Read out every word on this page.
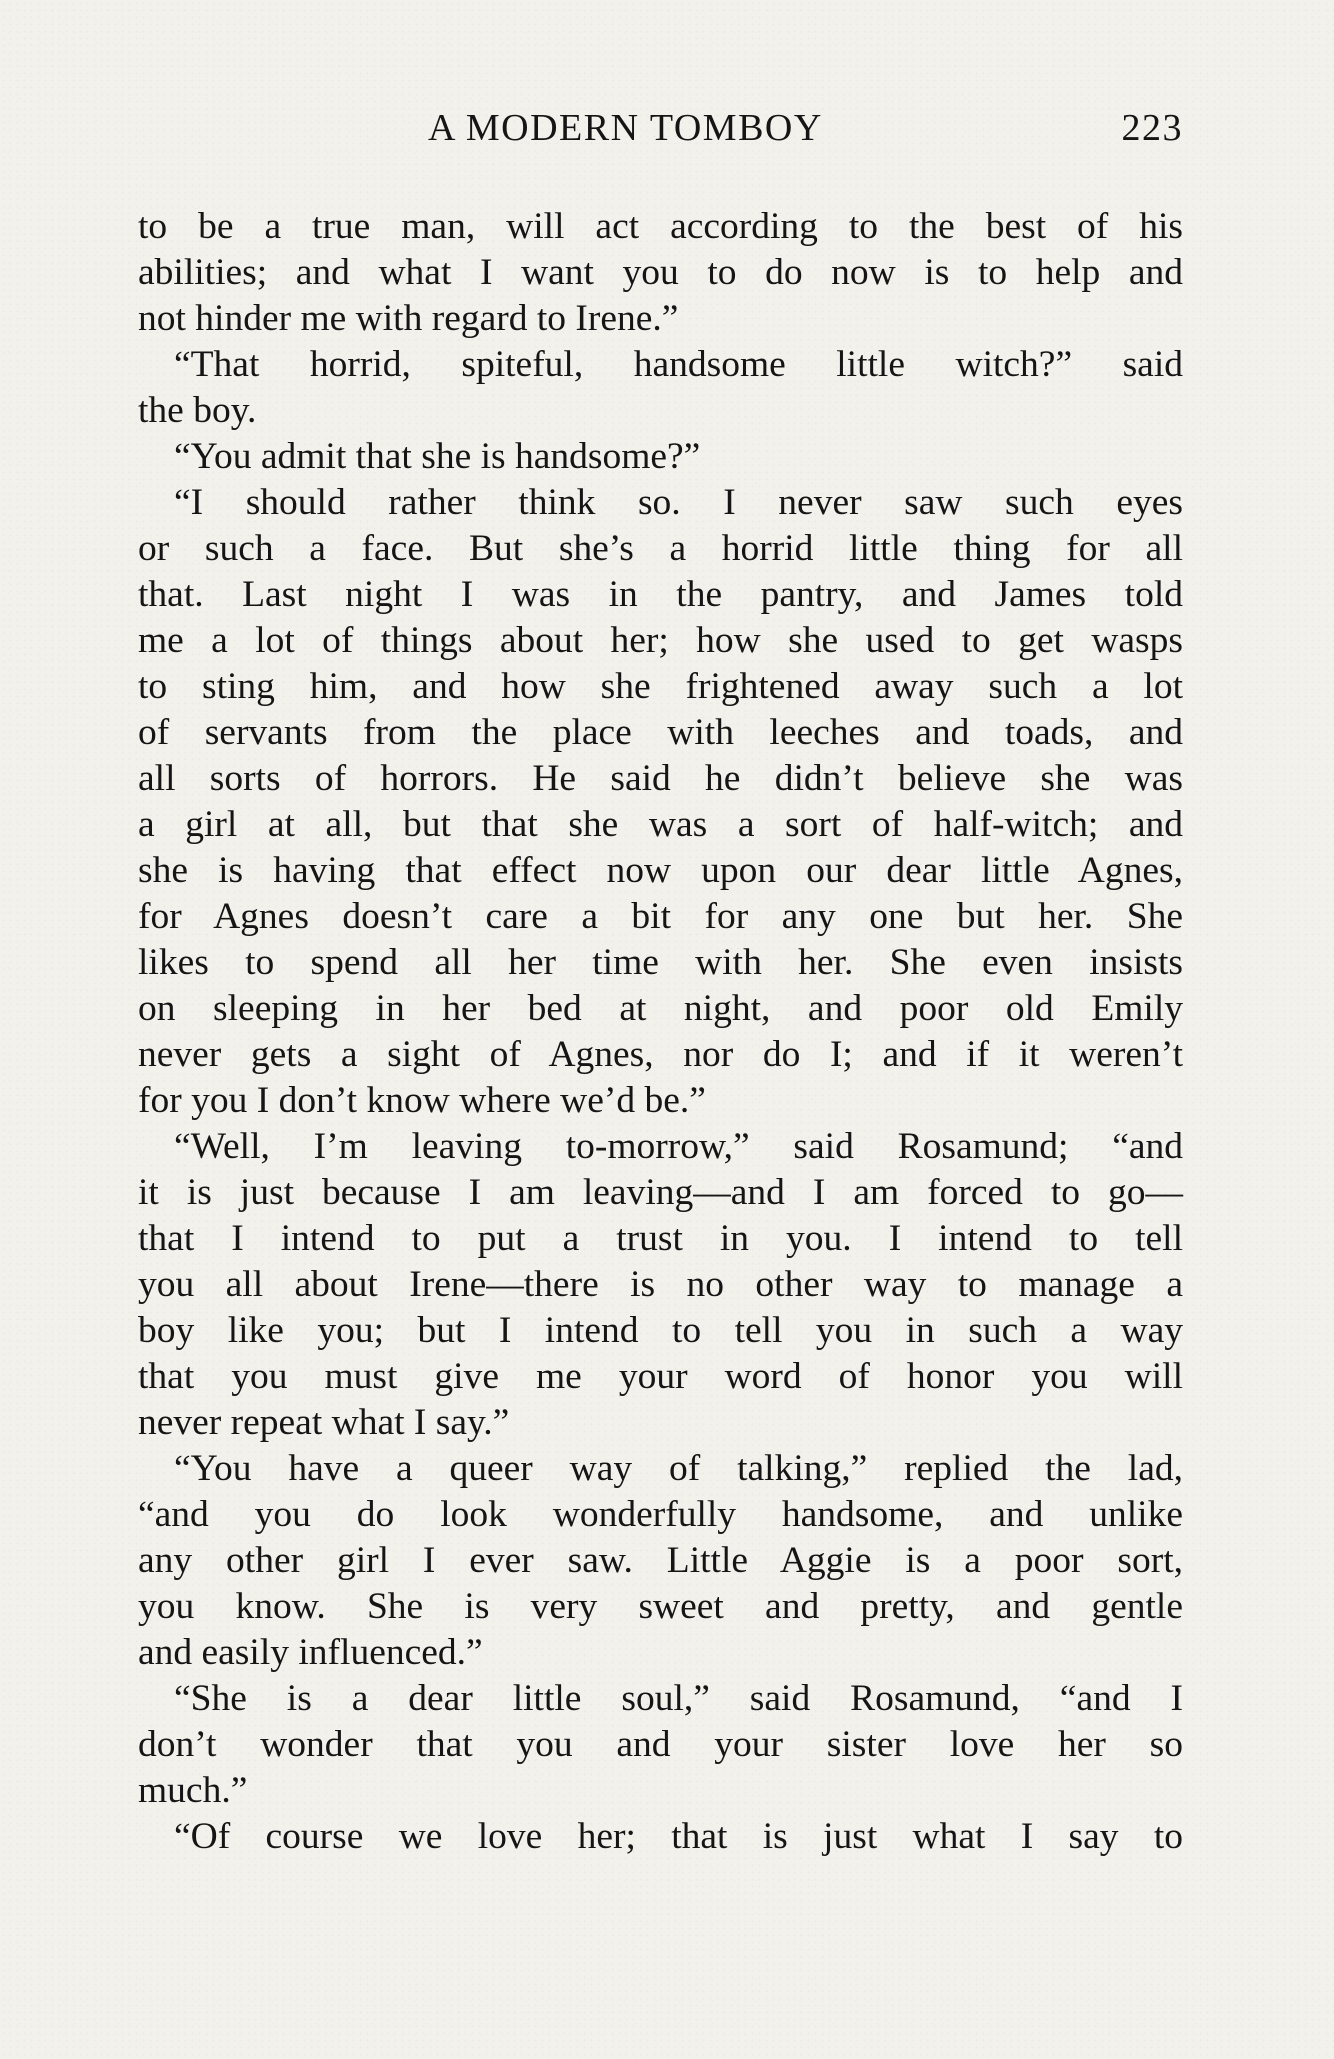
A MODERN TOMBOY	223
to be a true man, will act according to the best of his
abilities; and what I want you to do now is to help and
not hinder me with regard to Irene.”
“That horrid, spiteful, handsome little witch?” said
the boy.
“You admit that she is handsome?”
“I should rather think so. I never saw such eyes
or such a face. But she’s a horrid little thing for all
that. Last night I was in the pantry, and James told
me a lot of things about her; how she used to get wasps
to sting him, and how she frightened away such a lot
of servants from the place with leeches and toads, and
all sorts of horrors. He said he didn’t believe she was
a girl at all, but that she was a sort of half-witch; and
she is having that effect now upon our dear little Agnes,
for Agnes doesn’t care a bit for any one but her. She
likes to spend all her time with her. She even insists
on sleeping in her bed at night, and poor old Emily
never gets a sight of Agnes, nor do I; and if it weren’t
for you I don’t know where we’d be.”
“Well, I’m leaving to-morrow,” said Rosamund; “and
it is just because I am leaving—and I am forced to go—
that I intend to put a trust in you. I intend to tell
you all about Irene—there is no other way to manage a
boy like you; but I intend to tell you in such a way
that you must give me your word of honor you will
never repeat what I say.”
“You have a queer way of talking,” replied the lad,
“and you do look wonderfully handsome, and unlike
any other girl I ever saw. Little Aggie is a poor sort,
you know. She is very sweet and pretty, and gentle
and easily influenced.”
“She is a dear little soul,” said Rosamund, “and I
don’t wonder that you and your sister love her so
much.”
“Of course we love her; that is just what I say to
